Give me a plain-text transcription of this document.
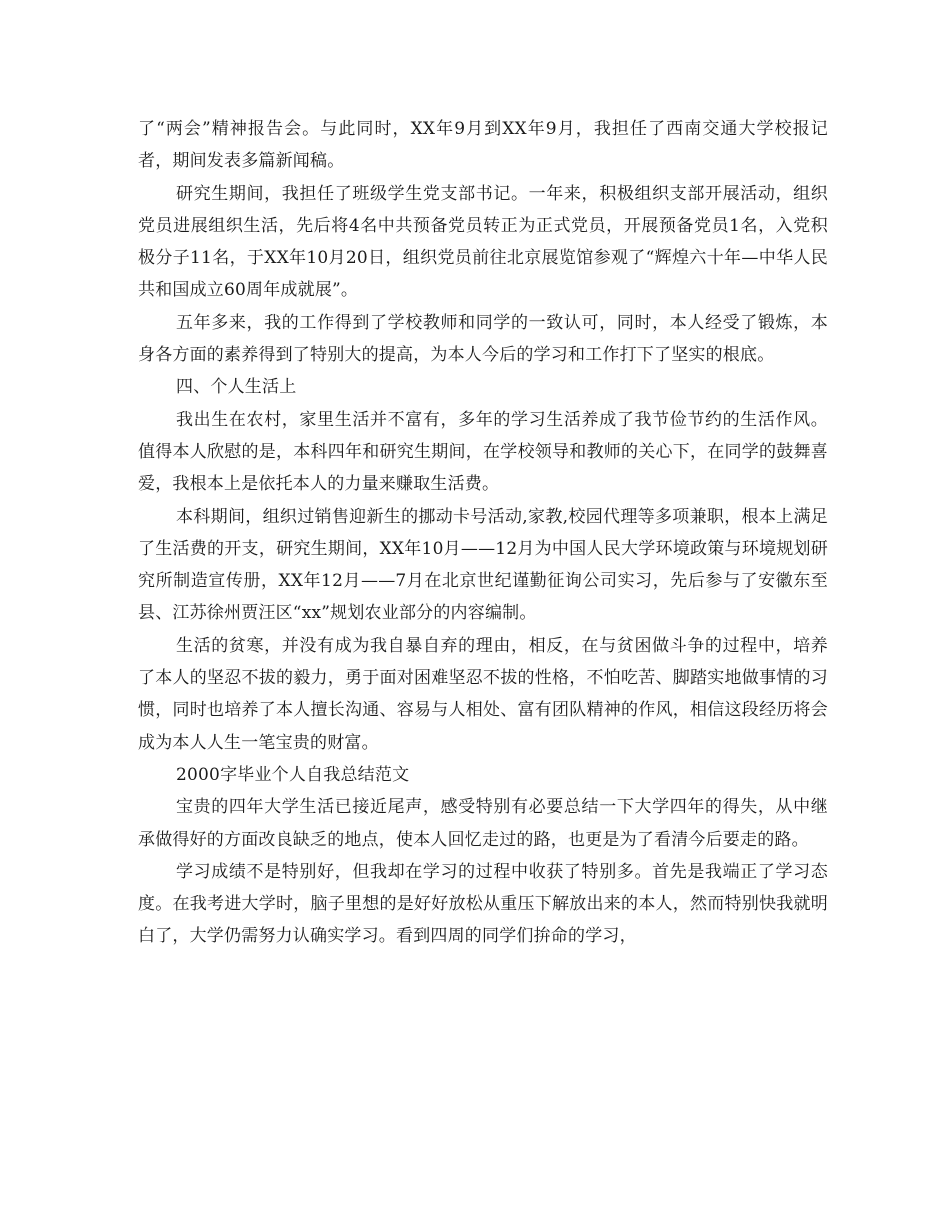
了“两会”精神报告会。与此同时，XX年9月到XX年9月，我担任了西南交通大学校报记者，期间发表多篇新闻稿。

研究生期间，我担任了班级学生党支部书记。一年来，积极组织支部开展活动，组织党员进展组织生活，先后将4名中共预备党员转正为正式党员，开展预备党员1名，入党积极分子11名，于XX年10月20日，组织党员前往北京展览馆参观了“辉煌六十年—中华人民共和国成立60周年成就展”。

五年多来，我的工作得到了学校教师和同学的一致认可，同时，本人经受了锻炼，本身各方面的素养得到了特别大的提高，为本人今后的学习和工作打下了坚实的根底。

四、个人生活上

我出生在农村，家里生活并不富有，多年的学习生活养成了我节俭节约的生活作风。值得本人欣慰的是，本科四年和研究生期间，在学校领导和教师的关心下，在同学的鼓舞喜爱，我根本上是依托本人的力量来赚取生活费。

本科期间，组织过销售迎新生的挪动卡号活动,家教,校园代理等多项兼职，根本上满足了生活费的开支，研究生期间，XX年10月——12月为中国人民大学环境政策与环境规划研究所制造宣传册，XX年12月——7月在北京世纪谨勤征询公司实习，先后参与了安徽东至县、江苏徐州贾汪区“xx”规划农业部分的内容编制。

生活的贫寒，并没有成为我自暴自弃的理由，相反，在与贫困做斗争的过程中，培养了本人的坚忍不拔的毅力，勇于面对困难坚忍不拔的性格，不怕吃苦、脚踏实地做事情的习惯，同时也培养了本人擅长沟通、容易与人相处、富有团队精神的作风，相信这段经历将会成为本人人生一笔宝贵的财富。

2000字毕业个人自我总结范文

宝贵的四年大学生活已接近尾声，感受特别有必要总结一下大学四年的得失，从中继承做得好的方面改良缺乏的地点，使本人回忆走过的路，也更是为了看清今后要走的路。

学习成绩不是特别好，但我却在学习的过程中收获了特别多。首先是我端正了学习态度。在我考进大学时，脑子里想的是好好放松从重压下解放出来的本人，然而特别快我就明白了，大学仍需努力认确实学习。看到四周的同学们拚命的学习，
